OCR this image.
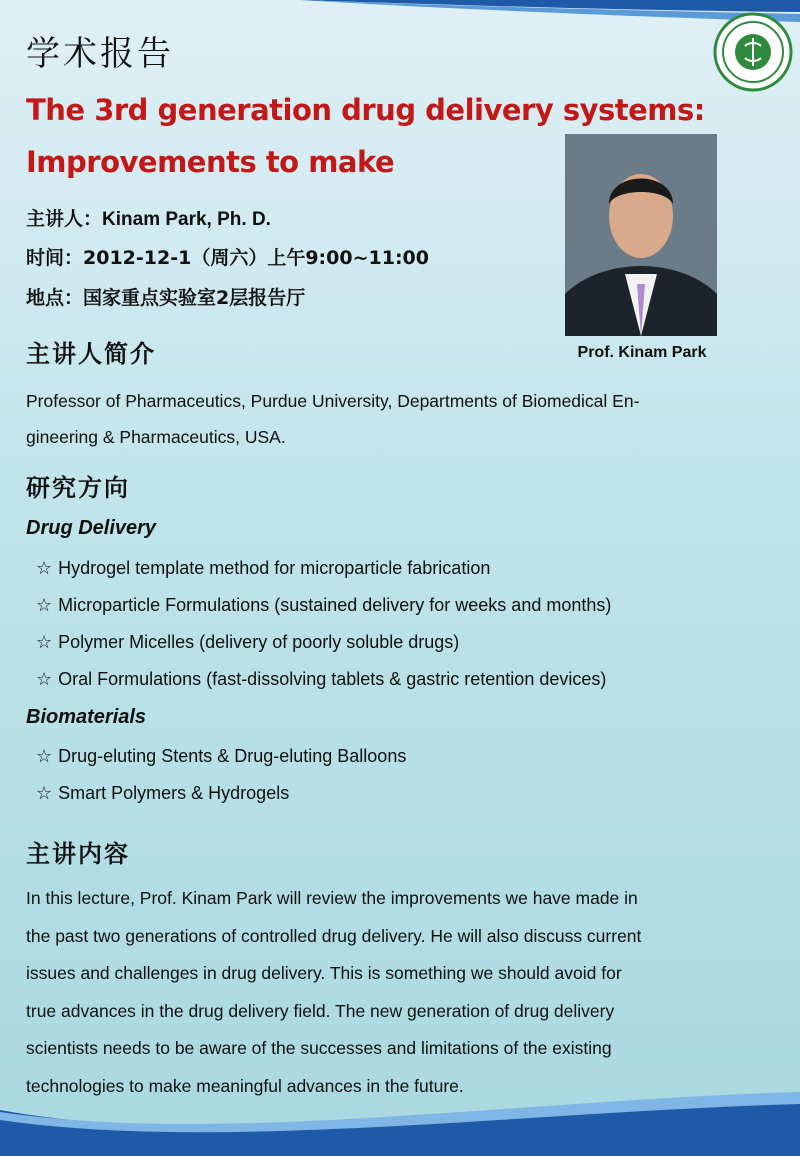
学术报告
The 3rd generation drug delivery systems:
Improvements to make
主讲人：Kinam Park, Ph. D.
时间：2012-12-1（周六）上午9:00~11:00
地点：国家重点实验室2层报告厅
Prof. Kinam Park
主讲人简介
Professor of Pharmaceutics, Purdue University, Departments of Biomedical En-
gineering & Pharmaceutics, USA.
研究方向
Drug Delivery
☆ Hydrogel template method for microparticle fabrication
☆ Microparticle Formulations (sustained delivery for weeks and months)
☆ Polymer Micelles (delivery of poorly soluble drugs)
☆ Oral Formulations (fast-dissolving tablets & gastric retention devices)
Biomaterials
☆ Drug-eluting Stents & Drug-eluting Balloons
☆ Smart Polymers & Hydrogels
主讲内容
In this lecture, Prof. Kinam Park will review the improvements we have made in
the past two generations of controlled drug delivery. He will also discuss current
issues and challenges in drug delivery. This is something we should avoid for
true advances in the drug delivery field. The new generation of drug delivery
scientists needs to be aware of the successes and limitations of the existing
technologies to make meaningful advances in the future.
